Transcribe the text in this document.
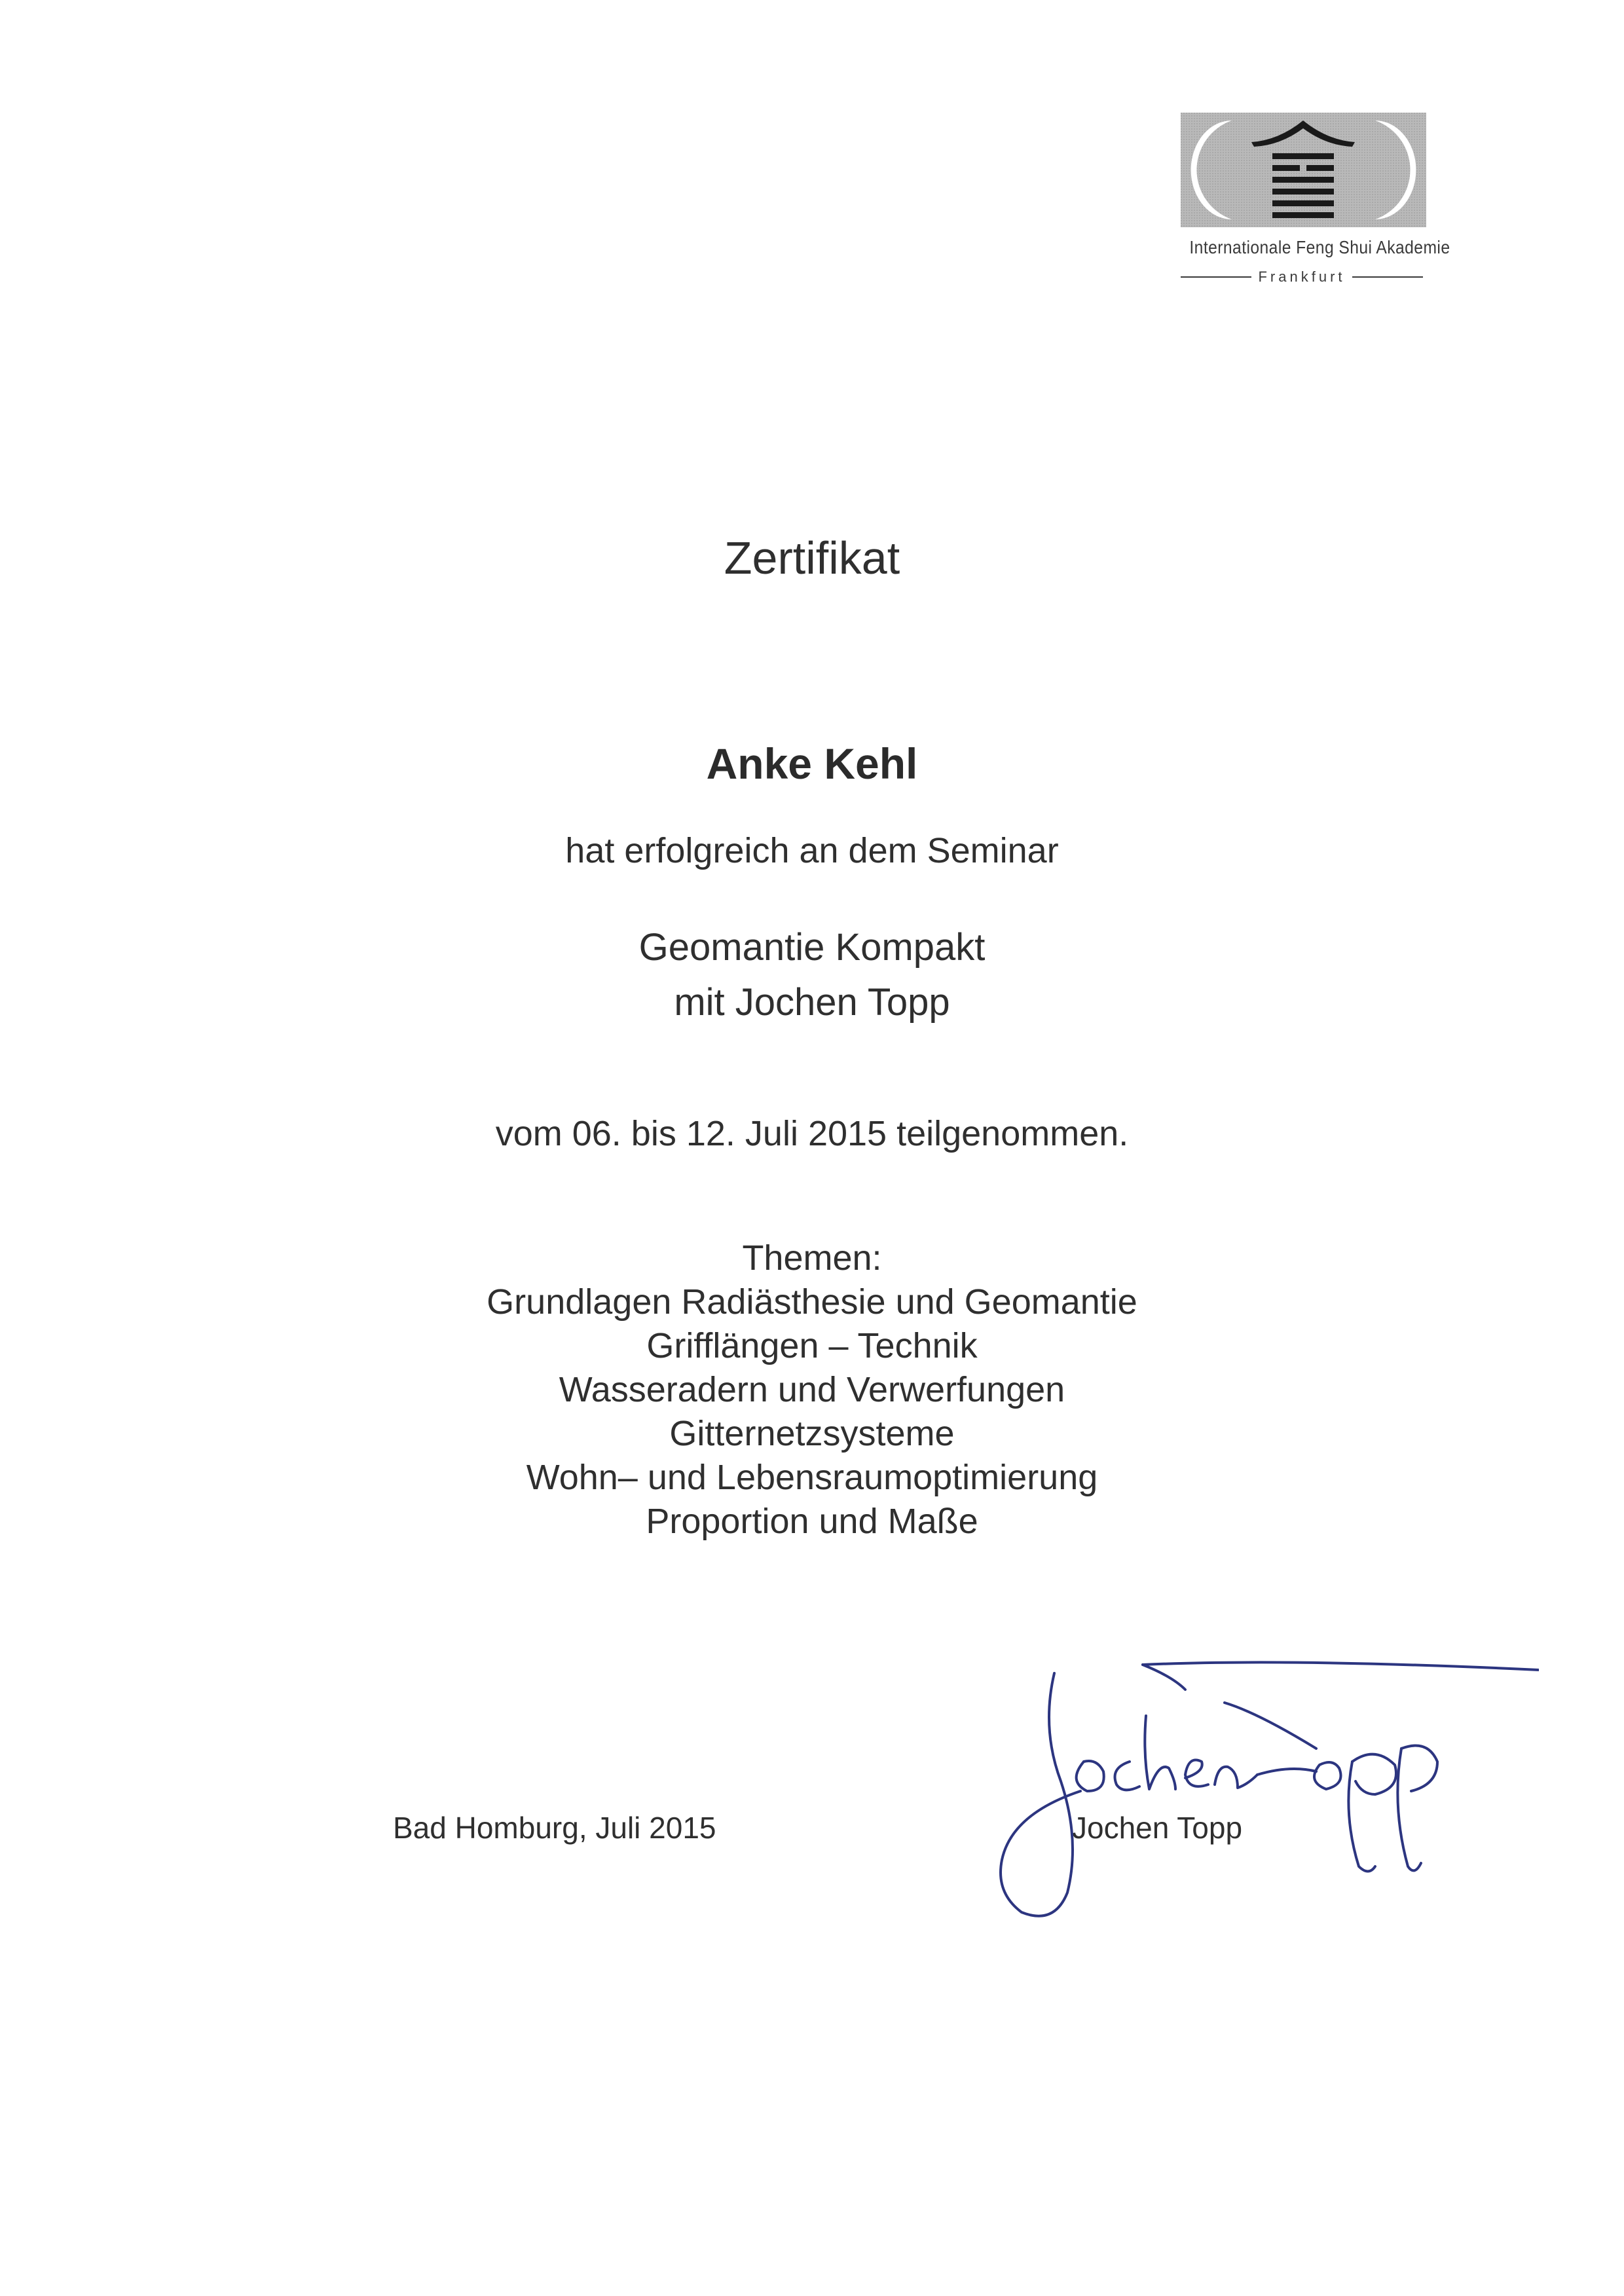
Internationale Feng Shui Akademie
Frankfurt
Zertifikat
Anke Kehl
hat erfolgreich an dem Seminar
Geomantie Kompakt
mit Jochen Topp
vom 06. bis 12. Juli 2015 teilgenommen.
Themen:
Grundlagen Radiästhesie und Geomantie
Grifflängen – Technik
Wasseradern und Verwerfungen
Gitternetzsysteme
Wohn– und Lebensraumoptimierung
Proportion und Maße
Bad Homburg, Juli 2015	Jochen Topp
